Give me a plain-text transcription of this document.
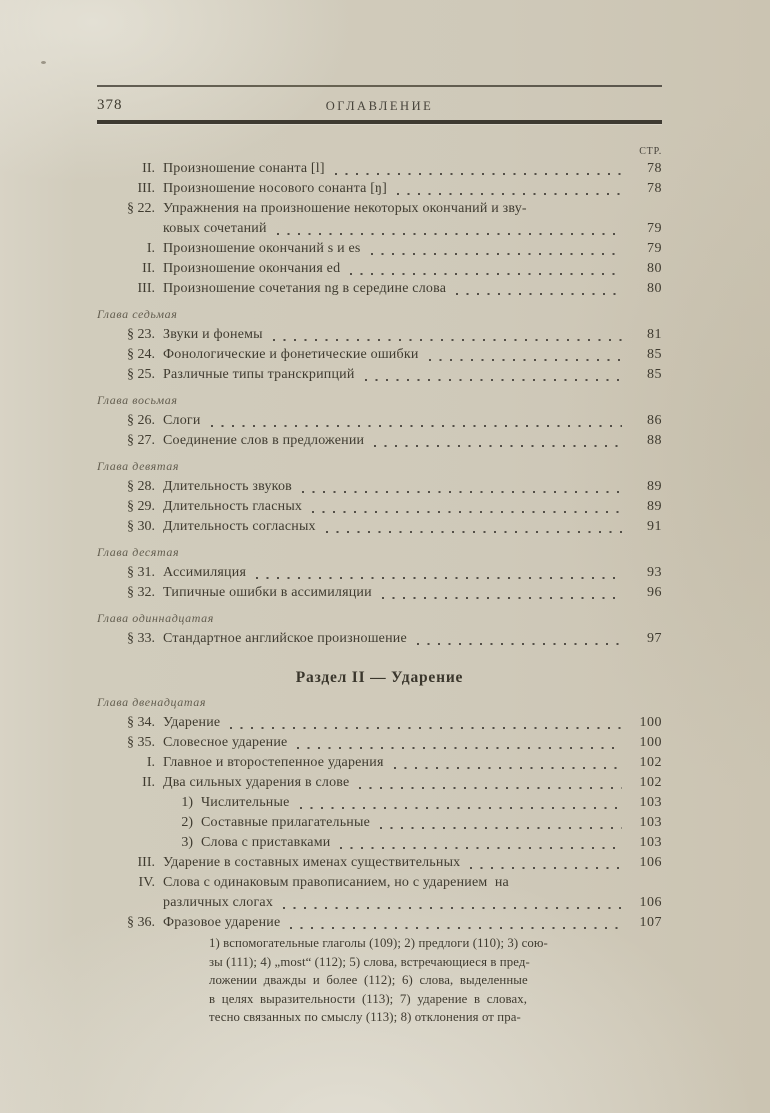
378	ОГЛАВЛЕНИЕ
СТР.
II. Произношение сонанта [l]	78
III. Произношение носового сонанта [ŋ]	78
§ 22. Упражнения на произношение некоторых окончаний и зву-
ковых сочетаний	79
I. Произношение окончаний s и es	79
II. Произношение окончания ed	80
III. Произношение сочетания ng в середине слова	80
Глава седьмая
§ 23. Звуки и фонемы	81
§ 24. Фонологические и фонетические ошибки	85
§ 25. Различные типы транскрипций	85
Глава восьмая
§ 26. Слоги	86
§ 27. Соединение слов в предложении	88
Глава девятая
§ 28. Длительность звуков	89
§ 29. Длительность гласных	89
§ 30. Длительность согласных	91
Глава десятая
§ 31. Ассимиляция	93
§ 32. Типичные ошибки в ассимиляции	96
Глава одиннадцатая
§ 33. Стандартное английское произношение	97
Раздел II — Ударение
Глава двенадцатая
§ 34. Ударение	100
§ 35. Словесное ударение	100
I. Главное и второстепенное ударения	102
II. Два сильных ударения в слове	102
1) Числительные	103
2) Составные прилагательные	103
3) Слова с приставками	103
III. Ударение в составных именах существительных	106
IV. Слова с одинаковым правописанием, но с ударением  на
различных слогах	106
§ 36. Фразовое ударение	107
1) вспомогательные глаголы (109); 2) предлоги (110); 3) сою-
зы (111); 4) „most“ (112); 5) слова, встречающиеся в пред-
ложении  дважды  и  более  (112);  6)  слова,  выделенные
в  целях  выразительности  (113);  7)  ударение  в  словах,
тесно связанных по смыслу (113); 8) отклонения от пра-
